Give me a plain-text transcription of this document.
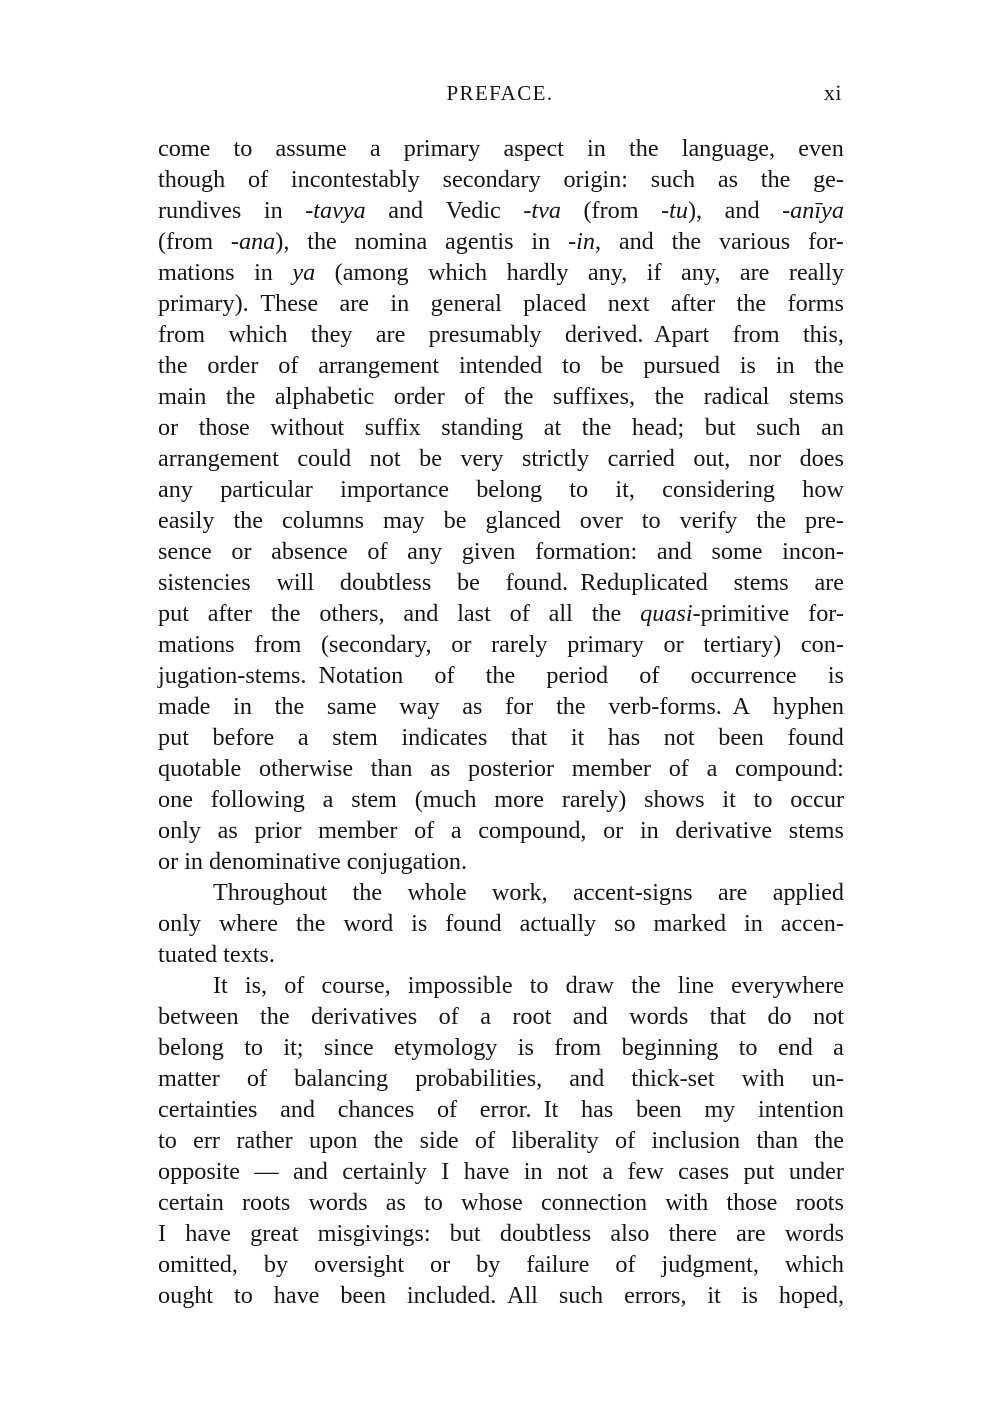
PREFACE.	xi
come to assume a primary aspect in the language, even
though of incontestably secondary origin: such as the ge-
rundives in -tavya and Vedic -tva (from -tu), and -anīya
(from -ana), the nomina agentis in -in, and the various for-
mations in ya (among which hardly any, if any, are really
primary).  These are in general placed next after the forms
from which they are presumably derived.  Apart from this,
the order of arrangement intended to be pursued is in the
main the alphabetic order of the suffixes, the radical stems
or those without suffix standing at the head; but such an
arrangement could not be very strictly carried out, nor does
any particular importance belong to it, considering how
easily the columns may be glanced over to verify the pre-
sence or absence of any given formation: and some incon-
sistencies will doubtless be found.  Reduplicated stems are
put after the others, and last of all the quasi-primitive for-
mations from (secondary, or rarely primary or tertiary) con-
jugation-stems.  Notation of the period of occurrence is
made in the same way as for the verb-forms.  A hyphen
put before a stem indicates that it has not been found
quotable otherwise than as posterior member of a compound:
one following a stem (much more rarely) shows it to occur
only as prior member of a compound, or in derivative stems
or in denominative conjugation.
Throughout the whole work, accent-signs are applied
only where the word is found actually so marked in accen-
tuated texts.
It is, of course, impossible to draw the line everywhere
between the derivatives of a root and words that do not
belong to it; since etymology is from beginning to end a
matter of balancing probabilities, and thick-set with un-
certainties and chances of error.  It has been my intention
to err rather upon the side of liberality of inclusion than the
opposite — and certainly I have in not a few cases put under
certain roots words as to whose connection with those roots
I have great misgivings: but doubtless also there are words
omitted, by oversight or by failure of judgment, which
ought to have been included.  All such errors, it is hoped,
